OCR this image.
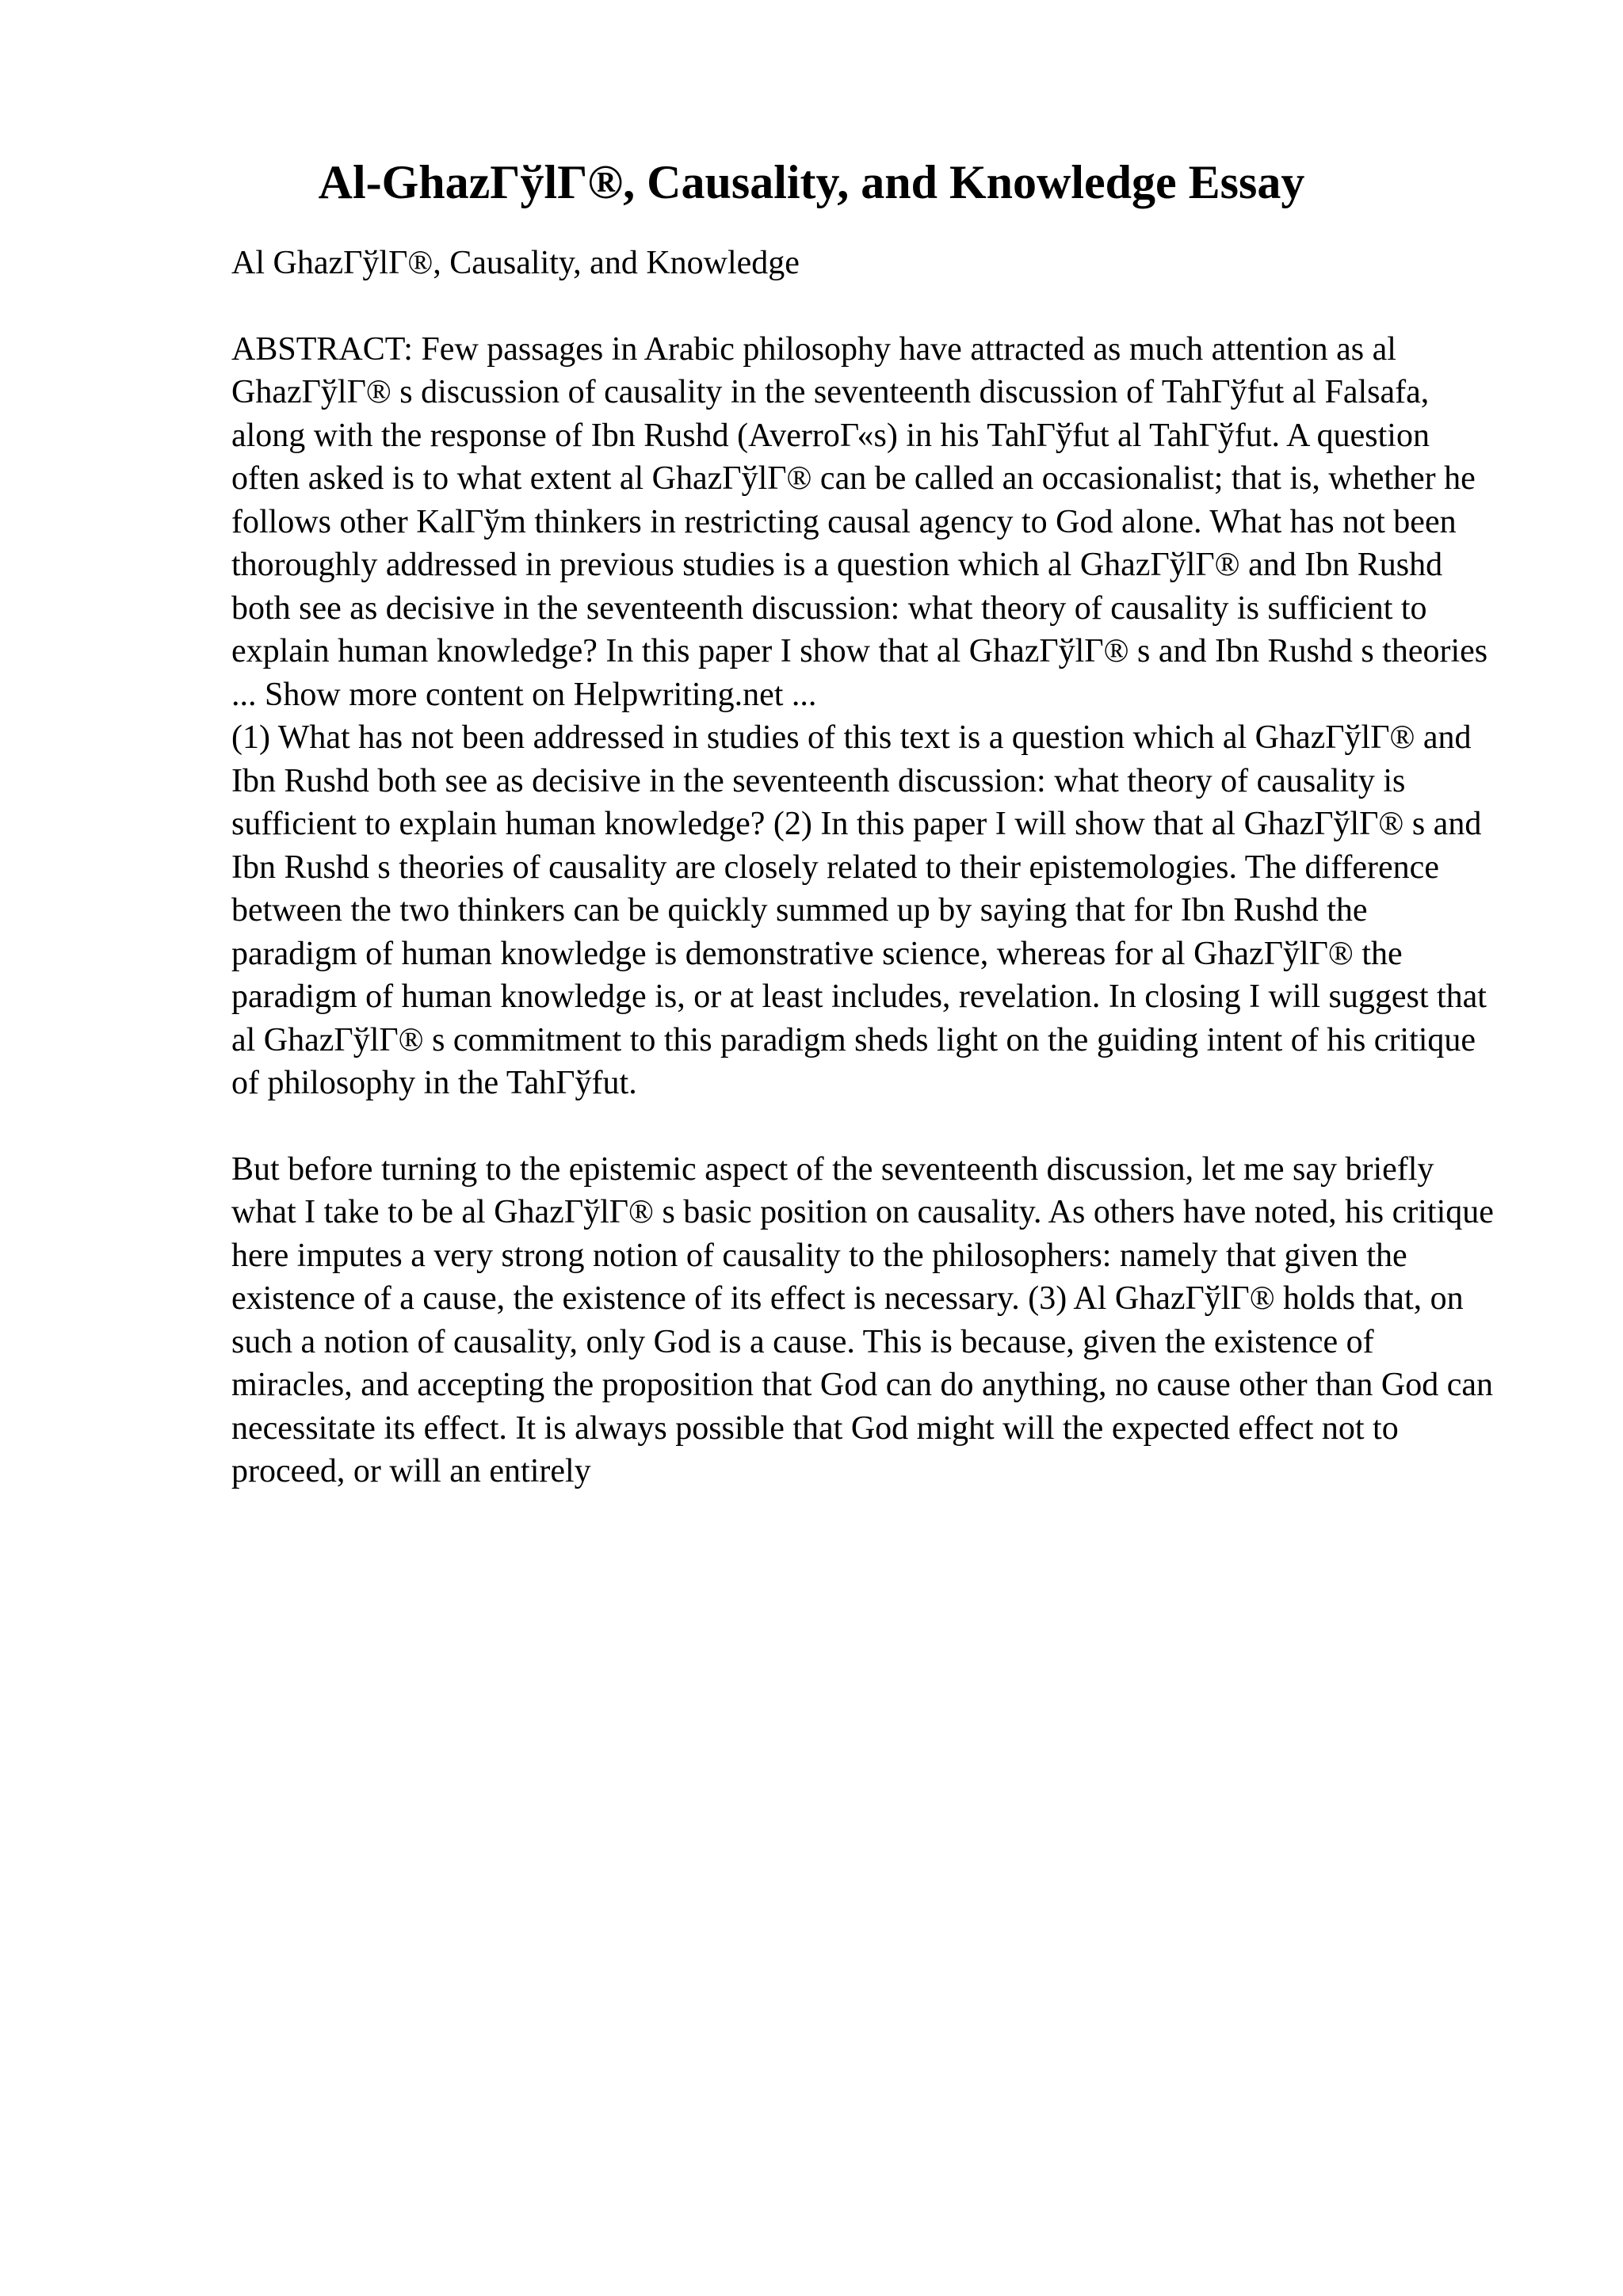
Al-GhazГўlГ®, Causality, and Knowledge Essay

Al GhazГўlГ®, Causality, and Knowledge

ABSTRACT: Few passages in Arabic philosophy have attracted as much attention as al GhazГўlГ® s discussion of causality in the seventeenth discussion of TahГўfut al Falsafa, along with the response of Ibn Rushd (AverroГ«s) in his TahГўfut al TahГўfut. A question often asked is to what extent al GhazГўlГ® can be called an occasionalist; that is, whether he follows other KalГўm thinkers in restricting causal agency to God alone. What has not been thoroughly addressed in previous studies is a question which al GhazГўlГ® and Ibn Rushd both see as decisive in the seventeenth discussion: what theory of causality is sufficient to explain human knowledge? In this paper I show that al GhazГўlГ® s and Ibn Rushd s theories ... Show more content on Helpwriting.net ...

(1) What has not been addressed in studies of this text is a question which al GhazГўlГ® and Ibn Rushd both see as decisive in the seventeenth discussion: what theory of causality is sufficient to explain human knowledge? (2) In this paper I will show that al GhazГўlГ® s and Ibn Rushd s theories of causality are closely related to their epistemologies. The difference between the two thinkers can be quickly summed up by saying that for Ibn Rushd the paradigm of human knowledge is demonstrative science, whereas for al GhazГўlГ® the paradigm of human knowledge is, or at least includes, revelation. In closing I will suggest that al GhazГўlГ® s commitment to this paradigm sheds light on the guiding intent of his critique of philosophy in the TahГўfut.

But before turning to the epistemic aspect of the seventeenth discussion, let me say briefly what I take to be al GhazГўlГ® s basic position on causality. As others have noted, his critique here imputes a very strong notion of causality to the philosophers: namely that given the existence of a cause, the existence of its effect is necessary. (3) Al GhazГўlГ® holds that, on such a notion of causality, only God is a cause. This is because, given the existence of miracles, and accepting the proposition that God can do anything, no cause other than God can necessitate its effect. It is always possible that God might will the expected effect not to proceed, or will an entirely
